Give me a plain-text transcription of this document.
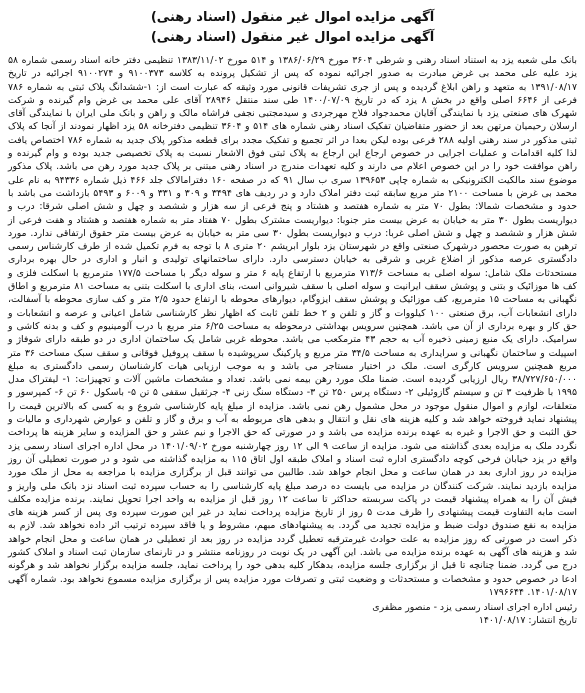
آگهی مزایده اموال غیر منقول (اسناد رهنی)

آگهی مزایده اموال غیر منقول (اسناد رهنی)

بانک ملی شعبه یزد به استناد اسناد رهنی و شرطی ۳۶۰۴ مورخ ۱۳۸۶/۰۶/۲۹ و ۵۱۴ مورخ ۱۳۸۳/۱۱/۰۲ تنظیمی دفتر خانه اسناد رسمی شماره ۵۸ یزد علیه علی محمد بی غرض مبادرت به صدور اجرائیه نموده که پس از تشکیل پرونده به کلاسه ۹۱۰۰۳۷۳ و ۹۱۰۰۲۷۴ اجرائیه در تاریخ ۱۳۹۱/۰۸/۱۷ به متعهد و راهن ابلاغ گردیده و پس از جری تشریفات قانونی مورد وثیقه که عبارت است از: ۱-ششدانگ پلاک ثبتی به شماره ۷۸۶ فرعی از ۶۶۴۶ اصلی واقع در بخش ۸ یزد که در تاریخ ۱۴۰۰/۰۷/۰۹ طی سند منتقل ۲۸۹۴۶ آقای علی محمد بی غرض وام گیرنده و شرکت شهرک های صنعتی یزد با نمایندگی آقایان محمدجواد فلاح مهرجردی و سیدمجتبی نجفی فراشاه مالک و راهن و بانک ملی ایران با نمایندگی آقای ارسلان رحیمیان مرتهن بعد از حضور متقاضیان تفکیک اسناد رهنی شماره های ۵۱۴ و ۳۶۰۴ تنظیمی دفترخانه ۵۸ یزد اظهار نمودند از آنجا که پلاک ثبتی مذکور در سند رهنی اولیه ۲۸۸ فرعی بوده لیکن بعدا در اثر تجمیع و تفکیک مجدد برای قطعه مذکور پلاک جدید به شماره ۷۸۶ اختصاص یافت لذا کلیه اقدامات و عملیات اجرایی در خصوص ارجاع این ارجاع به پلاک ثبتی فوق الاشعار نسبت به پلاک تخصیصی جدید بوده و وام گیرنده و راهن موافقت خود را در این خصوص اعلام می دارند و کلیه تعهدات مندرج در اسناد رهنی مبتنی بر پلاک جدید مورد رهن می باشد. پلاک مذکور موضوع سند مالکیت الکترونیکی به شماره چاپی ۱۳۹۶۵۳ سری ب سال ۹۱ که در صفحه ۱۶۰ دفترامالاک جلد ۴۶۶ ذیل شماره ۹۴۳۳۶ به نام علی محمد بی غرض با مساحت ۲۱۰۰ متر مربع سابقه ثبت دفتر املاک دارد و در ردیف های ۳۴۹۴ و ۳۰۹ و ۳۳۱ و ۶۰۰۹ و ۵۴۹۳ بازداشت می باشد با حدود و مشخصات شمالا: بطول ۷۰ متر به شماره هفتصد و هشتاد و پنج فرعی از سه هزار و ششصد و چهل و شش اصلی شرقا: درب و دیواریست بطول ۳۰ متر به خیابان به عرض بیست متر جنوبا: دیواریست مشترک بطول ۷۰ هفتاد متر به شماره هفتصد و هشتاد و هفت فرعی از شش هزار و ششصد و چهل و شش اصلی غربا: درب و دیواریست بطول ۳۰ سی متر به خیابان به عرض بیست متر حقوق ارتفاقی ندارد. مورد ترهین به صورت محصور درشهرک صنعتی واقع در شهرستان یزد بلوار ابریشم ۲۰ متری ۸ با توجه به فرم تکمیل شده از طرف کارشناس رسمی دادگستری عرصه مذکور از اضلاع غربی و شرقی به خیابان دسترسی دارد. دارای ساختمانهای تولیدی و انبار و اداری در حال بهره برداری مستحدثات ملک شامل: سوله اصلی به مساحت ۷۱۳/۶ مترمربع با ارتفاع پایه ۶ متر و سوله دیگر با مساحت ۱۷۷/۵ مترمربع با اسکلت فلزی و کف ها موزائیک و بتنی و پوشش سقف ایرانیت و سوله اصلی با سقف شیروانی است، بنای اداری با اسکلت بتنی به مساحت ۸۱ مترمربع و اطاق نگهبانی به مساحت ۱۵ مترمربع، کف موزائیک و پوشش سقف ایزوگام، دیوارهای محوطه با ارتفاع حدود ۲/۵ متر و کف سازی محوطه با آسفالت، دارای انشعابات آب، برق صنعتی ۱۰۰ کیلووات و گاز و تلفن و ۲ خط تلفن ثابت که اظهار نظر کارشناسی شامل اعیانی و عرصه و انشعابات و حق کار و بهره برداری از آن می باشد. همچنین سرویس بهداشتی درمحوطه به مساحت ۶/۲۵ متر مربع با درب آلومینیوم و کف و بدنه کاشی و سرامیک. دارای یک منبع زمینی ذخیره آب به حجم ۴۳ مترمکعب می باشد. محوطه غربی شامل یک ساختمان اداری در دو طبقه دارای شوفاژ و اسپیلت و ساختمان نگهبانی و سرایداری به مساحت ۳۴/۵ متر مربع و پارکینگ سرپوشیده با سقف پروفیل فوقانی و سقف سبک مساحت ۳۶ متر مربع همچنین سرویس کارگری است. ملک در اختیار مستاجر می باشد و به موجب ارزیابی هیات کارشناسان رسمی دادگستری به مبلغ ۳۸/۷۲۷/۶۵۰/۰۰۰ ریال ارزیابی گردیده است. ضمنا ملک مورد رهن بیمه نمی باشد. تعداد و مشخصات ماشین آلات و تجهیزات: ۱- لیفتراک مدل ۱۹۹۵ با ظرفیت ۳ تن و سیستم گازوئیلی ۲- دستگاه پرس ۲۵۰ تن ۳- دستگاه سنگ زنی ۴- جرثقیل سقفی ۵ تن ۵- باسکول ۶۰ تن ۶- کمپرسور و متعلقات، لوازم و اموال منقول موجود در محل مشمول رهن نمی باشد. مزایده از مبلغ پایه کارشناسی شروع و به کسی که بالاترین قیمت را پیشنهاد نماید فروخته خواهد شد و کلیه هزینه های نقل و انتقال و بدهی های مربوطه به آب و برق و گاز و تلفن و عوارض شهرداری و مالیات و حق الثبت و حق الاجرا و غیره به عهده برنده مزایده می باشد و در صورتی که حق الاجرا و نیم عشر و حق المزایده و سایر هزینه ها پرداخت نگردد ملک به مزایده بعدی گذاشته می شود. مزایده از ساعت ۹ الی ۱۲ روز چهارشنبه مورخ ۱۴۰۱/۰۹/۰۲ در محل اداره اجرای اسناد رسمی یزد واقع در یزد خیابان فرخی کوچه دادگستری اداره ثبت اسناد و املاک طبقه اول اتاق ۱۱۵ به مزایده گذاشته می شود و در صورت تعطیلی آن روز مزایده در روز اداری بعد در همان ساعت و محل انجام خواهد شد. طالبین می توانند قبل از برگزاری مزایده با مراجعه به محل از ملک مورد مزایده بازدید نمایند. شرکت کنندگان در مزایده می بایست ده درصد مبلغ پایه کارشناسی را به حساب سپرده ثبت اسناد نزد بانک ملی واریز و فیش آن را به همراه پیشنهاد قیمت در پاکت سربسته حداکثر تا ساعت ۱۲ روز قبل از مزایده به واحد اجرا تحویل نمایند. برنده مزایده مکلف است مابه التفاوت قیمت پیشنهادی را ظرف مدت ۵ روز از تاریخ مزایده پرداخت نماید در غیر این صورت سپرده وی پس از کسر هزینه های مزایده به نفع صندوق دولت ضبط و مزایده تجدید می گردد. به پیشنهادهای مبهم، مشروط و یا فاقد سپرده ترتیب اثر داده نخواهد شد. لازم به ذکر است در صورتی که روز مزایده به علت حوادث غیرمترقبه تعطیل گردد مزایده در روز بعد از تعطیلی در همان ساعت و محل انجام خواهد شد و هزینه های آگهی به عهده برنده مزایده می باشد. این آگهی در یک نوبت در روزنامه منتشر و در تارنمای سازمان ثبت اسناد و املاک کشور درج می گردد. ضمنا چنانچه تا قبل از برگزاری جلسه مزایده، بدهکار کلیه بدهی خود را پرداخت نماید، جلسه مزایده برگزار نخواهد شد و هرگونه ادعا در خصوص حدود و مشخصات و مستحدثات و وضعیت ثبتی و تصرفات مورد مزایده پس از برگزاری مزایده مسموع نخواهد بود. شماره آگهی ۱۴۰۱/۰۸/۱۷. ۱۷۹۶۶۴۴
رئیس اداره اجرای اسناد رسمی یزد - منصور مظفری
تاریخ انتشار: ۱۴۰۱/۰۸/۱۷
